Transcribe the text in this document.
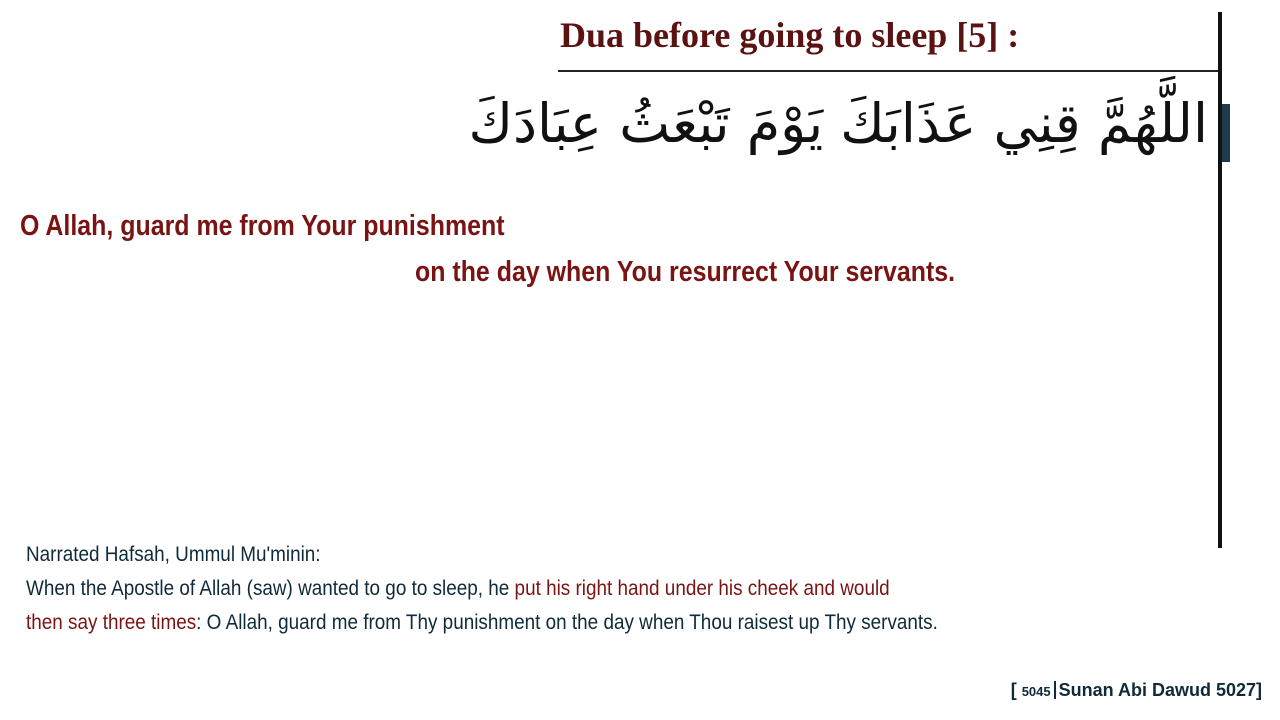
Dua before going to sleep [5] :
اللَّهُمَّ قِنِي عَذَابَكَ يَوْمَ تَبْعَثُ عِبَادَكَ
O Allah, guard me from Your punishment
on the day when You resurrect Your servants.
Narrated Hafsah, Ummul Mu'minin:
When the Apostle of Allah (saw) wanted to go to sleep, he put his right hand under his cheek and would
then say three times: O Allah, guard me from Thy punishment on the day when Thou raisest up Thy servants.
[ 5045 Sunan Abi Dawud 5027]
